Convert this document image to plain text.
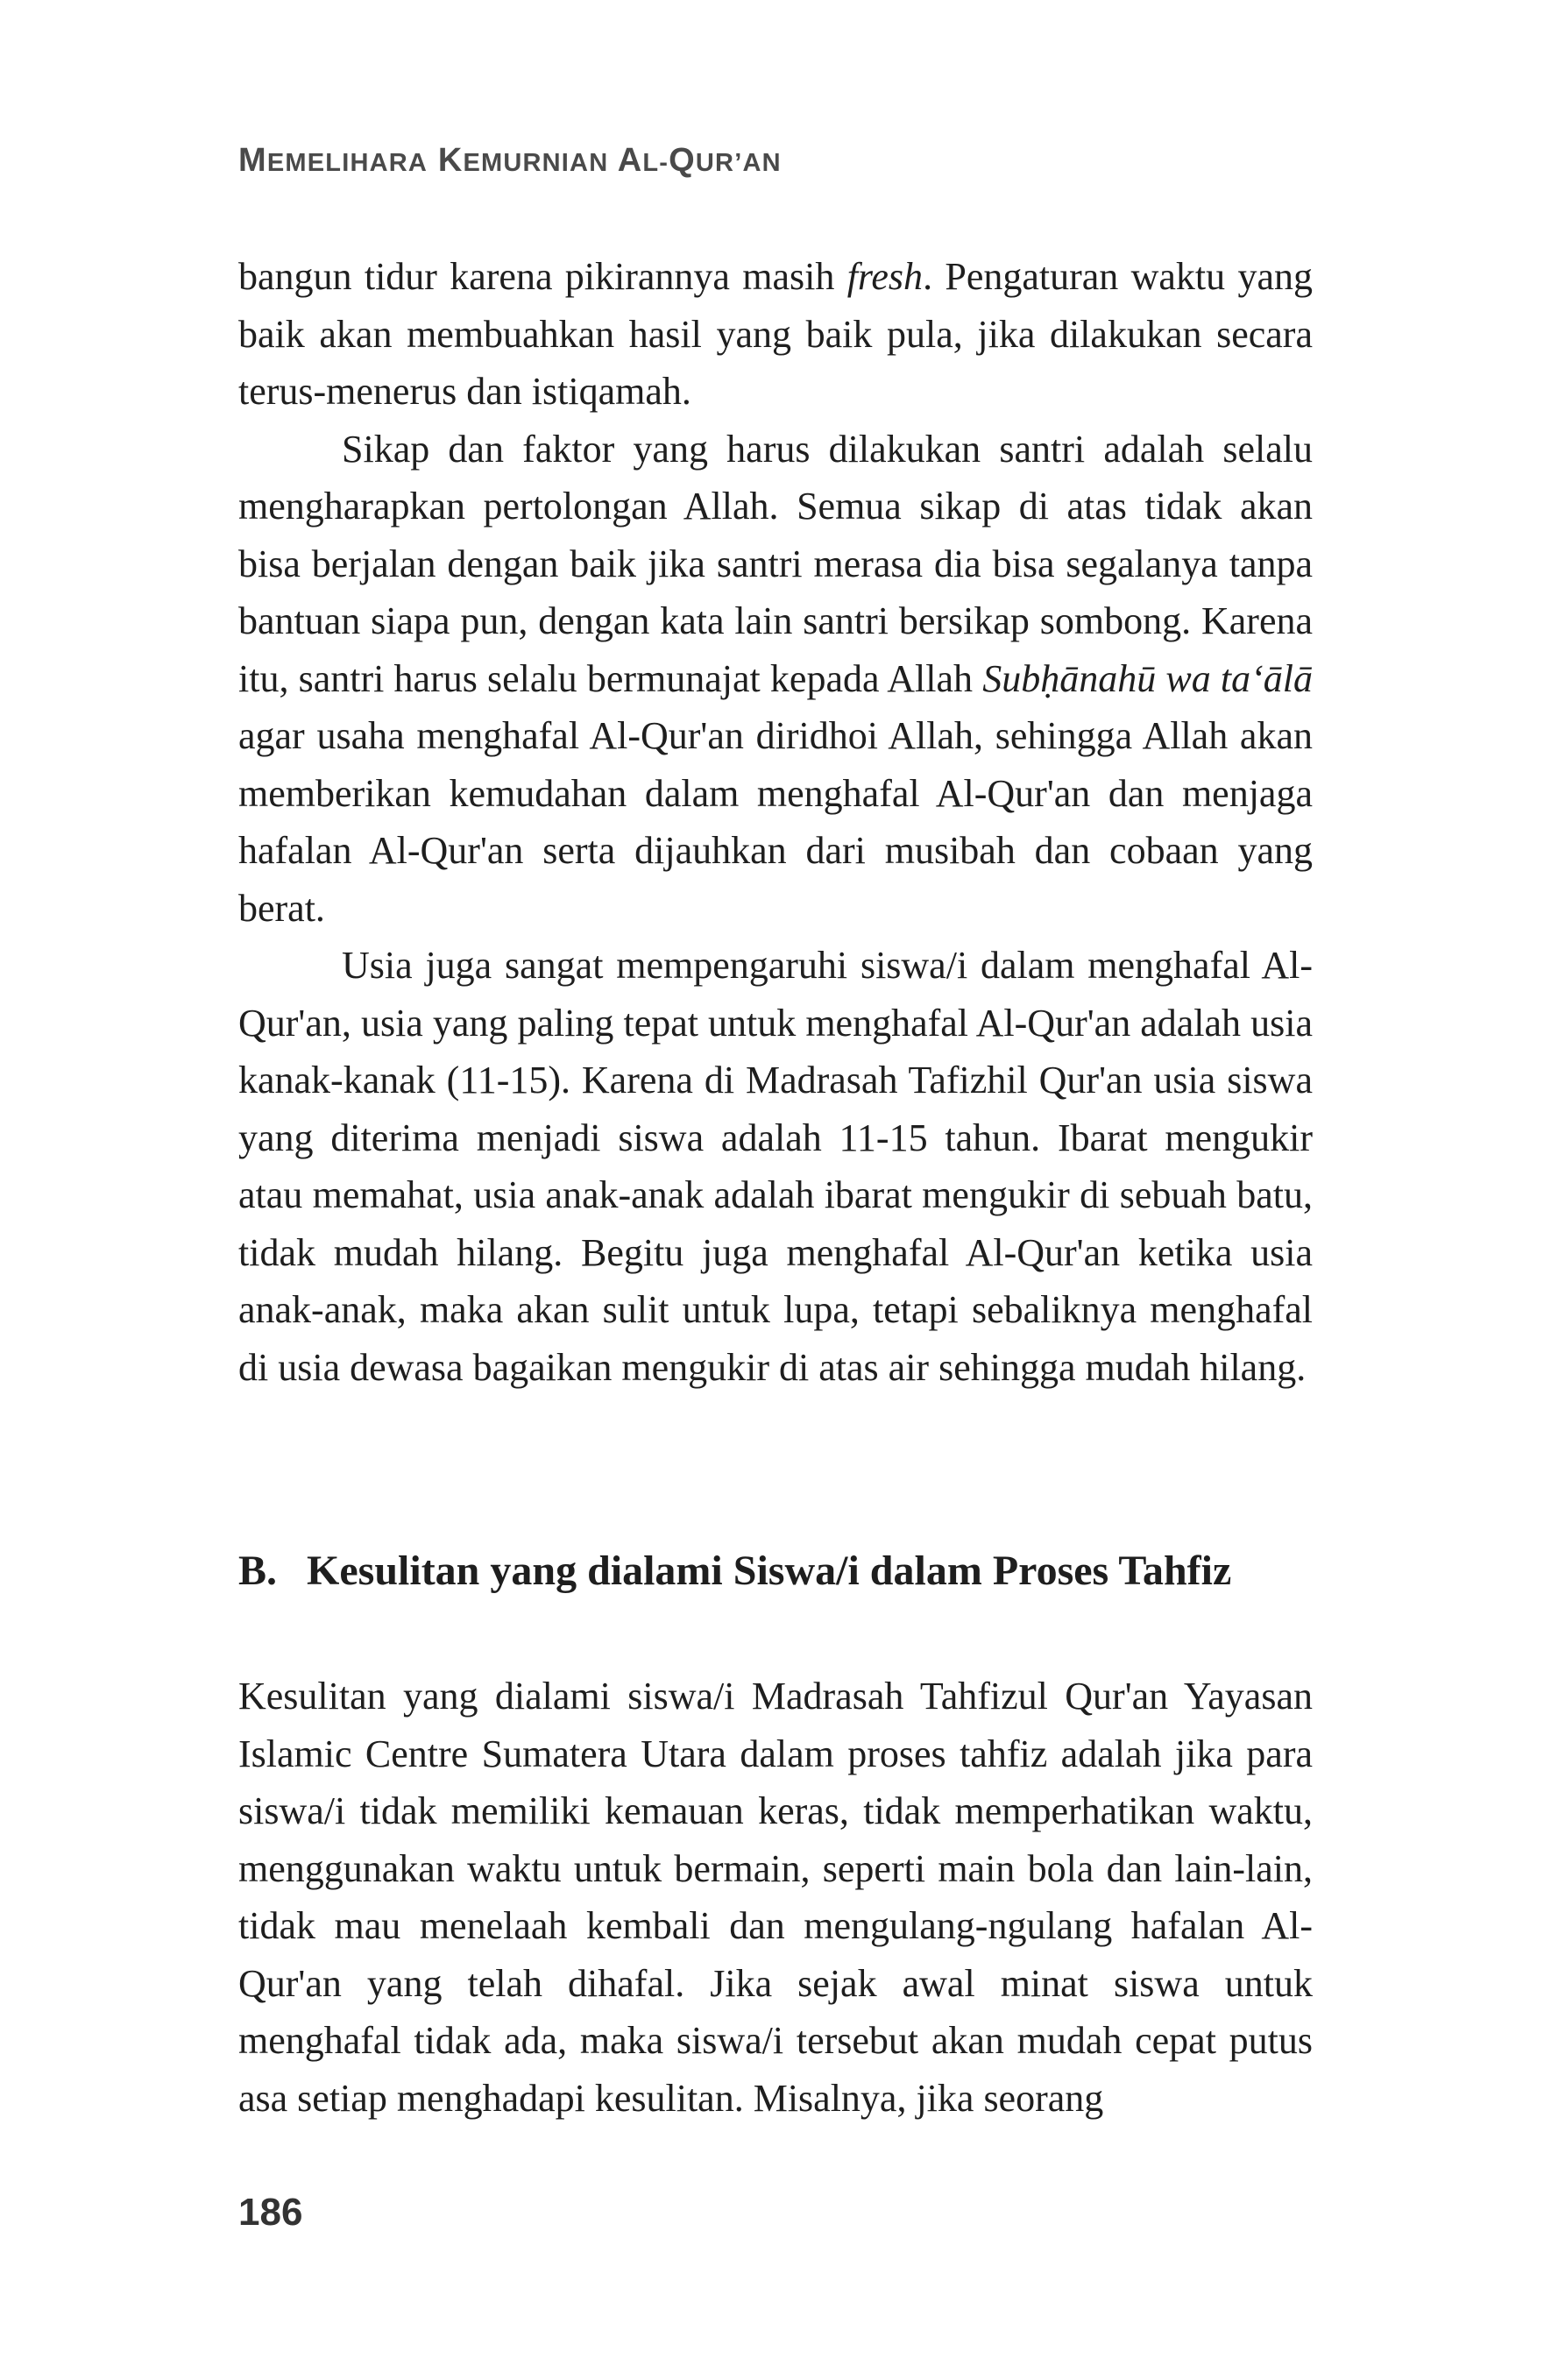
MEMELIHARA KEMURNIAN AL-QUR’AN

bangun tidur karena pikirannya masih fresh. Pengaturan waktu yang baik akan membuahkan hasil yang baik pula, jika dilakukan secara terus-menerus dan istiqamah.

Sikap dan faktor yang harus dilakukan santri adalah selalu mengharapkan pertolongan Allah. Semua sikap di atas tidak akan bisa berjalan dengan baik jika santri merasa dia bisa segalanya tanpa bantuan siapa pun, dengan kata lain santri bersikap sombong. Karena itu, santri harus selalu bermunajat kepada Allah Subḥānahū wa taʻālā agar usaha menghafal Al-Qur'an diridhoi Allah, sehingga Allah akan memberikan kemudahan dalam menghafal Al-Qur'an dan menjaga hafalan Al-Qur'an serta dijauhkan dari musibah dan cobaan yang berat.

Usia juga sangat mempengaruhi siswa/i dalam menghafal Al-Qur'an, usia yang paling tepat untuk menghafal Al-Qur'an adalah usia kanak-kanak (11-15). Karena di Madrasah Tafizhil Qur'an usia siswa yang diterima menjadi siswa adalah 11-15 tahun. Ibarat mengukir atau memahat, usia anak-anak adalah ibarat mengukir di sebuah batu, tidak mudah hilang. Begitu juga menghafal Al-Qur'an ketika usia anak-anak, maka akan sulit untuk lupa, tetapi sebaliknya menghafal di usia dewasa bagaikan mengukir di atas air sehingga mudah hilang.

B. Kesulitan yang dialami Siswa/i dalam Proses Tahfiz

Kesulitan yang dialami siswa/i Madrasah Tahfizul Qur'an Yayasan Islamic Centre Sumatera Utara dalam proses tahfiz adalah jika para siswa/i tidak memiliki kemauan keras, tidak memperhatikan waktu, menggunakan waktu untuk bermain, seperti main bola dan lain-lain, tidak mau menelaah kembali dan mengulang-ngulang hafalan Al-Qur'an yang telah dihafal. Jika sejak awal minat siswa untuk menghafal tidak ada, maka siswa/i tersebut akan mudah cepat putus asa setiap menghadapi kesulitan. Misalnya, jika seorang

186
